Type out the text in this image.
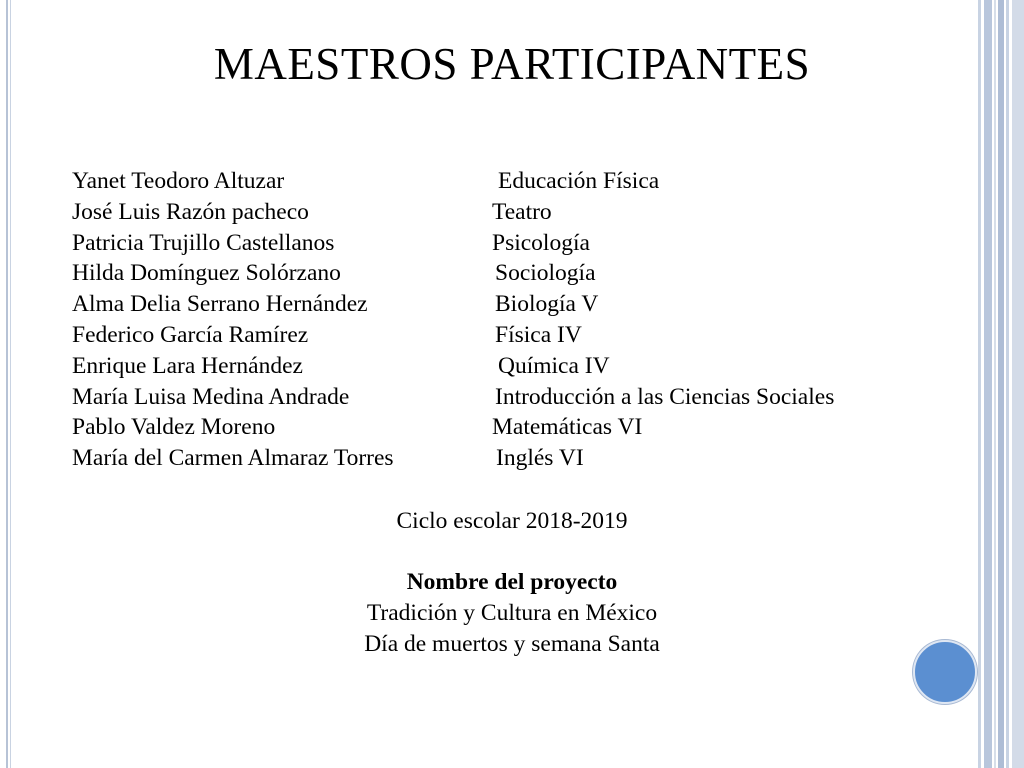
MAESTROS PARTICIPANTES
Yanet Teodoro Altuzar	Educación Física
José Luis Razón pacheco	Teatro
Patricia Trujillo Castellanos	Psicología
Hilda Domínguez Solórzano	Sociología
Alma Delia Serrano Hernández	Biología V
Federico García Ramírez	Física IV
Enrique Lara Hernández	Química IV
María Luisa Medina Andrade	Introducción a las Ciencias Sociales
Pablo Valdez Moreno	Matemáticas VI
María del Carmen Almaraz Torres	Inglés VI
Ciclo escolar 2018-2019
Nombre del proyecto
Tradición y Cultura en México
Día de muertos y semana Santa
